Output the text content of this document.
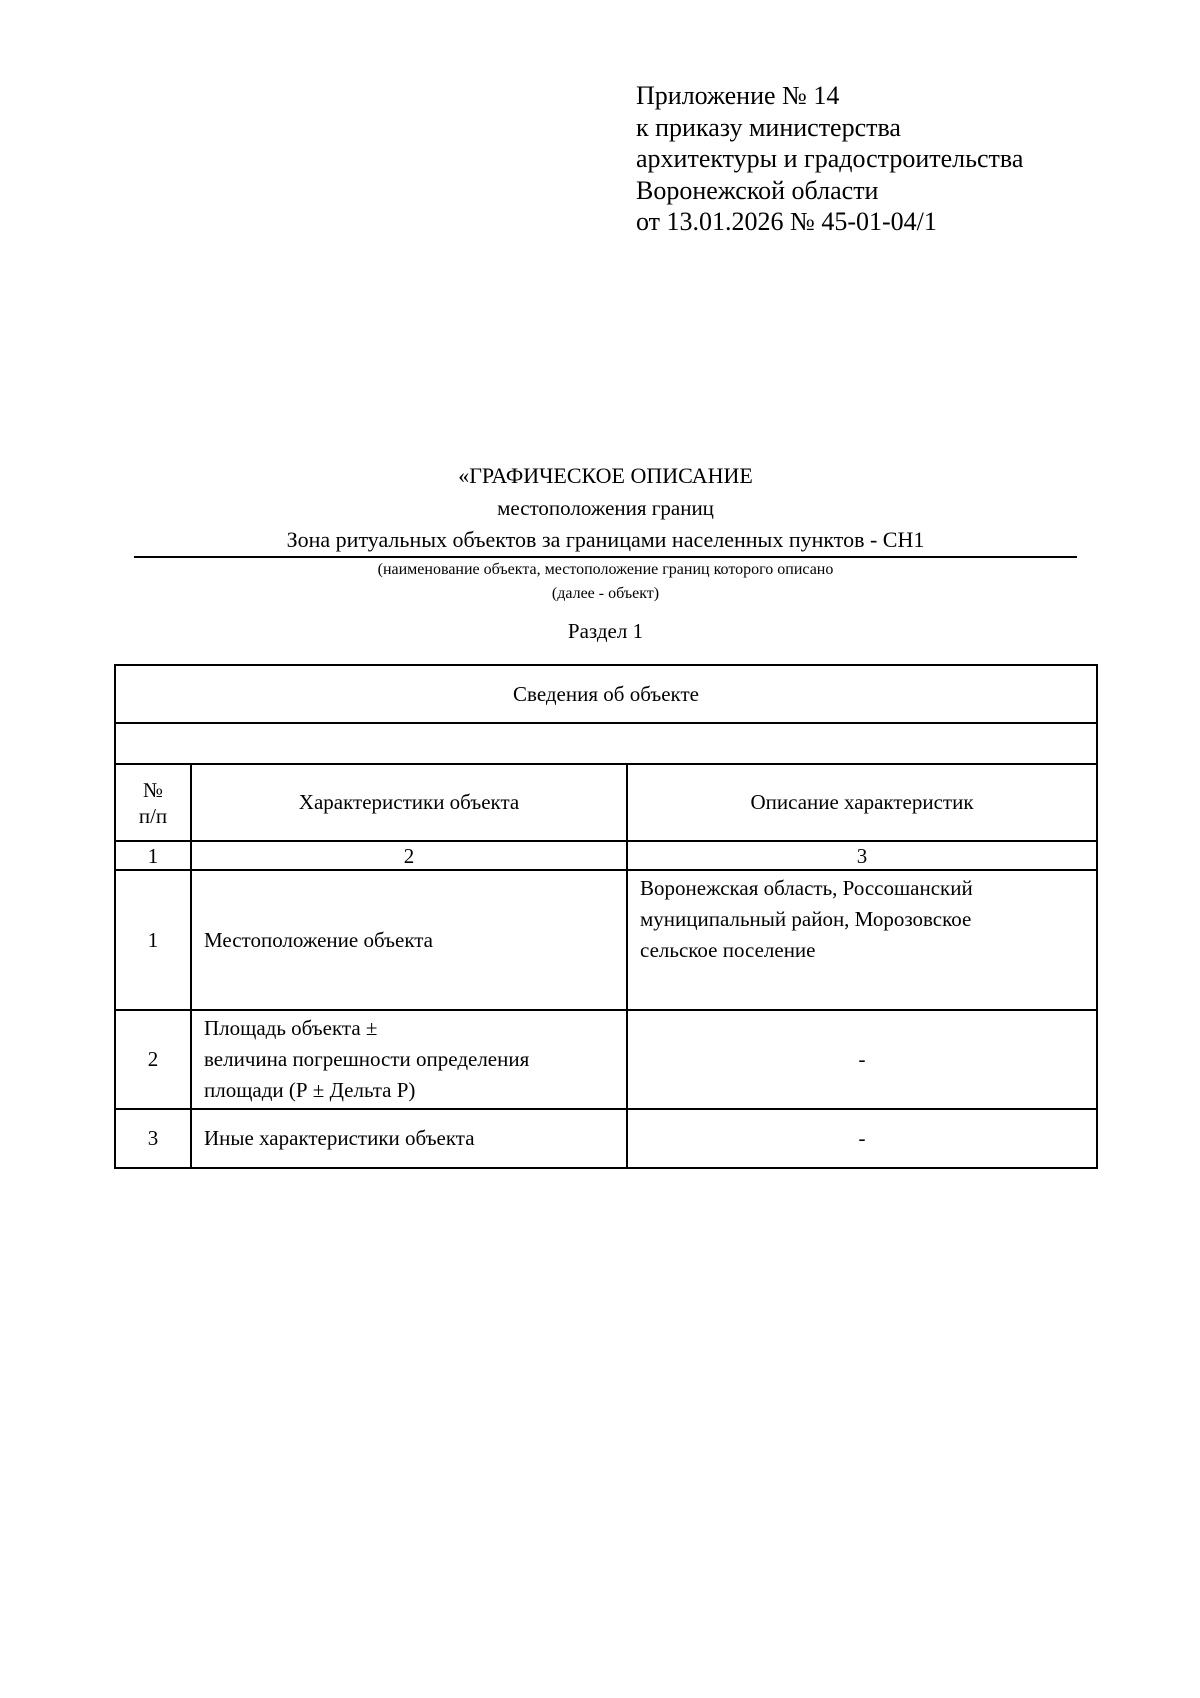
Приложение № 14
к приказу министерства
архитектуры и градостроительства
Воронежской области
от 13.01.2026 № 45-01-04/1
«ГРАФИЧЕСКОЕ ОПИСАНИЕ
местоположения границ
Зона ритуальных объектов за границами населенных пунктов - СН1
(наименование объекта, местоположение границ которого описано
(далее - объект)
Раздел 1
Сведения об объекте		

№
п/п	Характеристики объекта	Описание характеристик
1	2	3
1	Местоположение объекта	Воронежская область, Россошанский
муниципальный район, Морозовское
сельское поселение

2	Площадь объекта ±
величина погрешности определения
площади (Р ± Дельта Р)	-
3	Иные характеристики объекта	-
